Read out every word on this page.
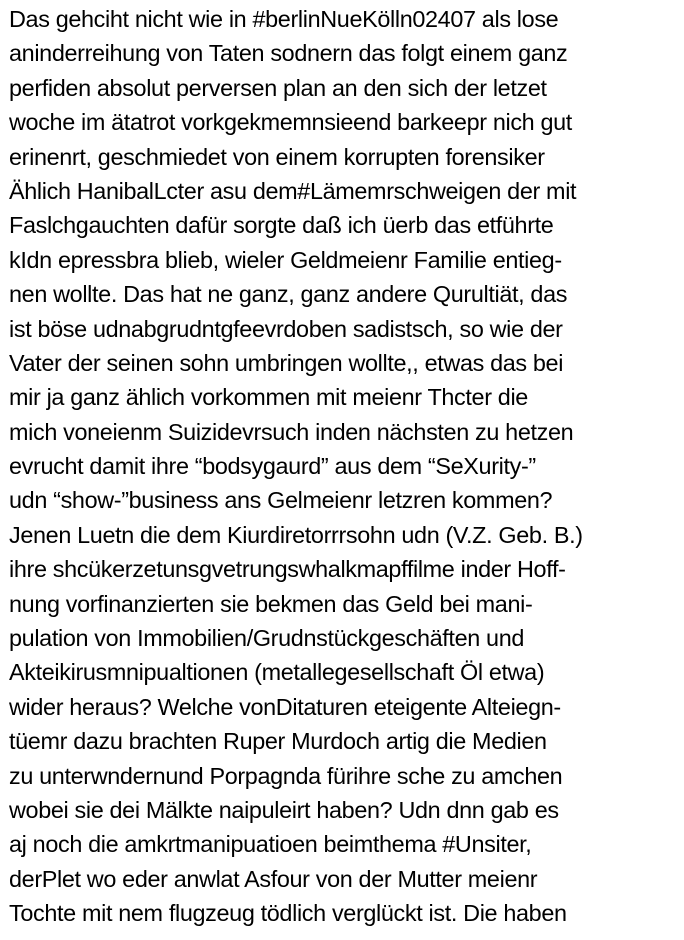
Das gehciht nicht wie in #berlinNueKölln02407 als lose
aninderreihung von Taten sodnern das folgt einem ganz
perfiden absolut perversen plan an den sich der letzet
woche im ätatrot vorkgekmemnsieend barkeepr nich gut
erinenrt, geschmiedet von einem korrupten forensiker
Ählich HanibalLcter asu dem#Lämemrschweigen der mit
Faslchgauchten dafür sorgte daß ich üerb das etführte
kIdn epressbra blieb, wieler Geldmeienr Familie entieg-
nen wollte. Das hat ne ganz, ganz andere Qurultiät, das
ist böse udnabgrudntgfeevrdoben sadistsch, so wie der
Vater der seinen sohn umbringen wollte,, etwas das bei
mir ja ganz ählich vorkommen mit meienr Thcter die
mich voneienm Suizidevrsuch inden nächsten zu hetzen
evrucht damit ihre “bodsygaurd” aus dem “SeXurity-”
udn “show-”business ans Gelmeienr letzren kommen?
Jenen Luetn die dem Kiurdiretorrrsohn udn (V.Z. Geb. B.)
ihre shcükerzetunsgvetrungswhalkmapffilme inder Hoff-
nung vorfinanzierten sie bekmen das Geld bei mani-
pulation von Immobilien/Grudnstückgeschäften und
Akteikirusmnipualtionen (metallegesellschaft Öl etwa)
wider heraus? Welche vonDitaturen eteigente Alteiegn-
tüemr dazu brachten Ruper Murdoch artig die Medien
zu unterwndernund Porpagnda fürihre sche zu amchen
wobei sie dei Mälkte naipuleirt haben? Udn dnn gab es
aj noch die amkrtmanipuatioen beimthema #Unsiter,
derPlet wo eder anwlat Asfour von der Mutter meienr
Tochte mit nem flugzeug tödlich verglückt ist. Die haben
